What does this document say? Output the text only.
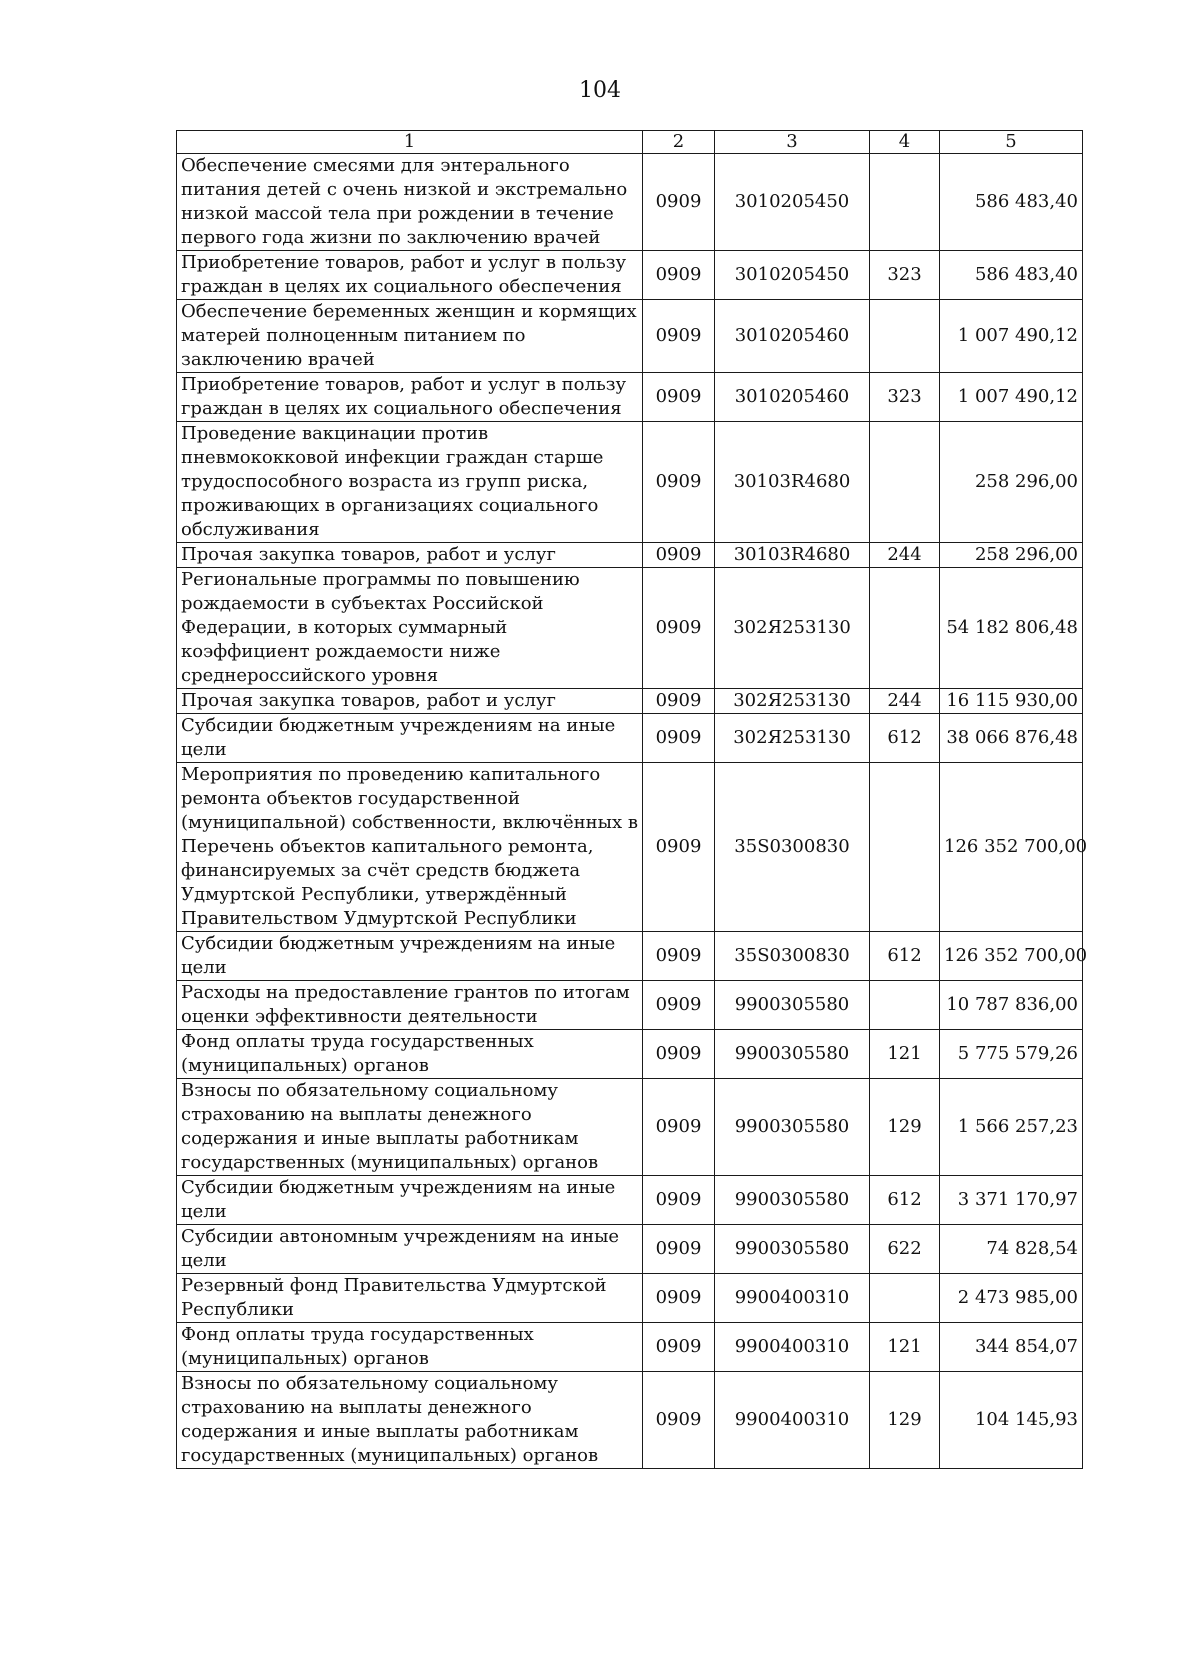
104
1	2	3	4	5
Обеспечение смесями для энтерального питания детей с очень низкой и экстремально низкой массой тела при рождении в течение первого года жизни по заключению врачей	0909	3010205450		586 483,40
Приобретение товаров, работ и услуг в пользу граждан в целях их социального обеспечения	0909	3010205450	323	586 483,40
Обеспечение беременных женщин и кормящих матерей полноценным питанием по заключению врачей	0909	3010205460		1 007 490,12
Приобретение товаров, работ и услуг в пользу граждан в целях их социального обеспечения	0909	3010205460	323	1 007 490,12
Проведение вакцинации против пневмококковой инфекции граждан старше трудоспособного возраста из групп риска, проживающих в организациях социального обслуживания	0909	30103R4680		258 296,00
Прочая закупка товаров, работ и услуг	0909	30103R4680	244	258 296,00
Региональные программы по повышению рождаемости в субъектах Российской Федерации, в которых суммарный коэффициент рождаемости ниже среднероссийского уровня	0909	302Я253130		54 182 806,48
Прочая закупка товаров, работ и услуг	0909	302Я253130	244	16 115 930,00
Субсидии бюджетным учреждениям на иные цели	0909	302Я253130	612	38 066 876,48
Мероприятия по проведению капитального ремонта объектов государственной (муниципальной) собственности, включённых в Перечень объектов капитального ремонта, финансируемых за счёт средств бюджета Удмуртской Республики, утверждённый Правительством Удмуртской Республики	0909	35S0300830		126 352 700,00
Субсидии бюджетным учреждениям на иные цели	0909	35S0300830	612	126 352 700,00
Расходы на предоставление грантов по итогам оценки эффективности деятельности	0909	9900305580		10 787 836,00
Фонд оплаты труда государственных (муниципальных) органов	0909	9900305580	121	5 775 579,26
Взносы по обязательному социальному страхованию на выплаты денежного содержания и иные выплаты работникам государственных (муниципальных) органов	0909	9900305580	129	1 566 257,23
Субсидии бюджетным учреждениям на иные цели	0909	9900305580	612	3 371 170,97
Субсидии автономным учреждениям на иные цели	0909	9900305580	622	74 828,54
Резервный фонд Правительства Удмуртской Республики	0909	9900400310		2 473 985,00
Фонд оплаты труда государственных (муниципальных) органов	0909	9900400310	121	344 854,07
Взносы по обязательному социальному страхованию на выплаты денежного содержания и иные выплаты работникам государственных (муниципальных) органов	0909	9900400310	129	104 145,93
